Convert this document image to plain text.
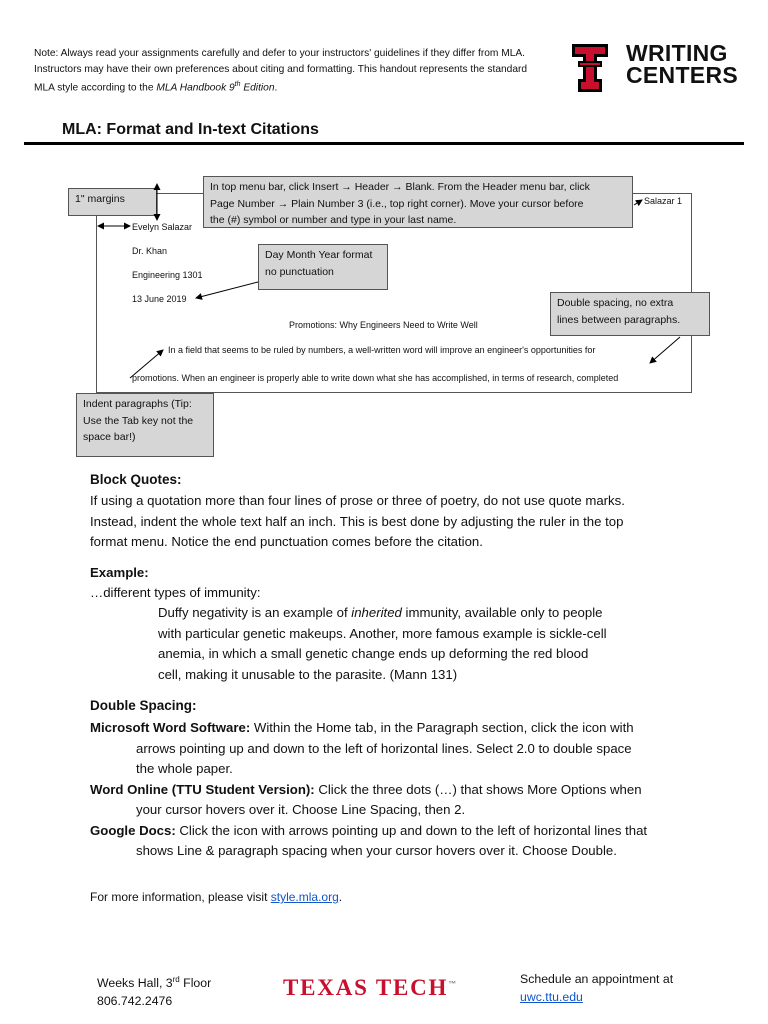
Note: Always read your assignments carefully and defer to your instructors' guidelines if they differ from MLA.
Instructors may have their own preferences about citing and formatting. This handout represents the standard
MLA style according to the MLA Handbook 9th Edition.
WRITING
CENTERS
MLA: Format and In-text Citations
1" margins
In top menu bar, click Insert → Header → Blank. From the Header menu bar, click
Page Number → Plain Number 3 (i.e., top right corner). Move your cursor before
the (#) symbol or number and type in your last name.
Salazar 1
Evelyn Salazar
Dr. Khan
Engineering 1301
13 June 2019
Day Month Year format
no punctuation
Promotions: Why Engineers Need to Write Well
Double spacing, no extra
lines between paragraphs.
In a field that seems to be ruled by numbers, a well-written word will improve an engineer's opportunities for
promotions. When an engineer is properly able to write down what she has accomplished, in terms of research, completed
Indent paragraphs (Tip:
Use the Tab key not the
space bar!)
Block Quotes:
If using a quotation more than four lines of prose or three of poetry, do not use quote marks.
Instead, indent the whole text half an inch. This is best done by adjusting the ruler in the top
format menu. Notice the end punctuation comes before the citation.
Example:
…different types of immunity:
Duffy negativity is an example of inherited immunity, available only to people
with particular genetic makeups. Another, more famous example is sickle-cell
anemia, in which a small genetic change ends up deforming the red blood
cell, making it unusable to the parasite. (Mann 131)
Double Spacing:
Microsoft Word Software: Within the Home tab, in the Paragraph section, click the icon with
arrows pointing up and down to the left of horizontal lines. Select 2.0 to double space
the whole paper.
Word Online (TTU Student Version): Click the three dots (…) that shows More Options when
your cursor hovers over it. Choose Line Spacing, then 2.
Google Docs: Click the icon with arrows pointing up and down to the left of horizontal lines that
shows Line & paragraph spacing when your cursor hovers over it. Choose Double.
For more information, please visit style.mla.org.
Weeks Hall, 3rd Floor
806.742.2476
TEXAS TECH™	Schedule an appointment at
uwc.ttu.edu
